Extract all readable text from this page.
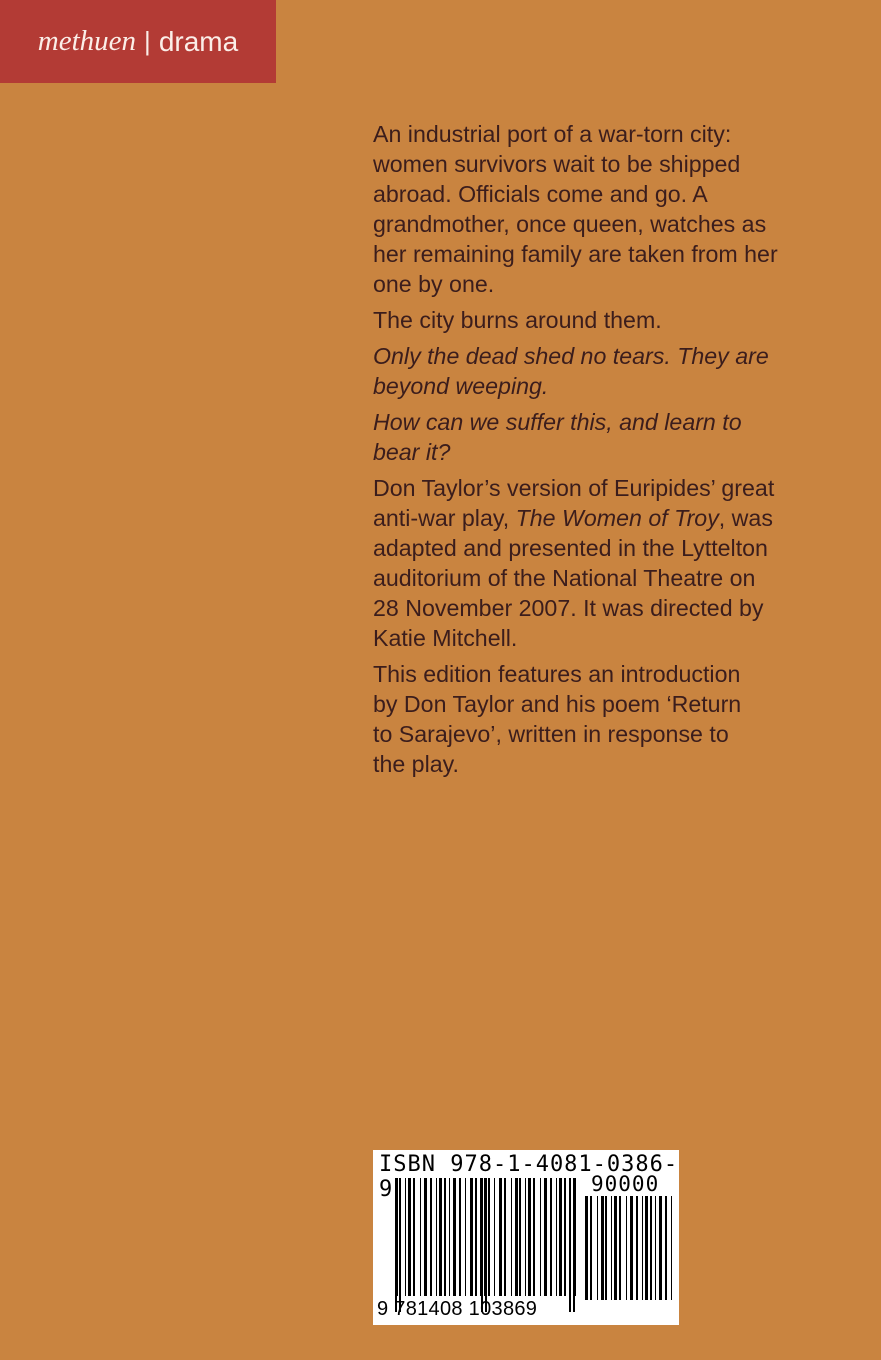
methuen | drama

An industrial port of a war-torn city:
women survivors wait to be shipped
abroad. Officials come and go. A
grandmother, once queen, watches as
her remaining family are taken from her
one by one.

The city burns around them.

Only the dead shed no tears. They are
beyond weeping.

How can we suffer this, and learn to
bear it?

Don Taylor’s version of Euripides’ great
anti-war play, The Women of Troy, was
adapted and presented in the Lyttelton
auditorium of the National Theatre on
28 November 2007. It was directed by
Katie Mitchell.

This edition features an introduction
by Don Taylor and his poem ‘Return
to Sarajevo’, written in response to
the play.

ISBN 978-1-4081-0386-9	90000
9 781408 103869
